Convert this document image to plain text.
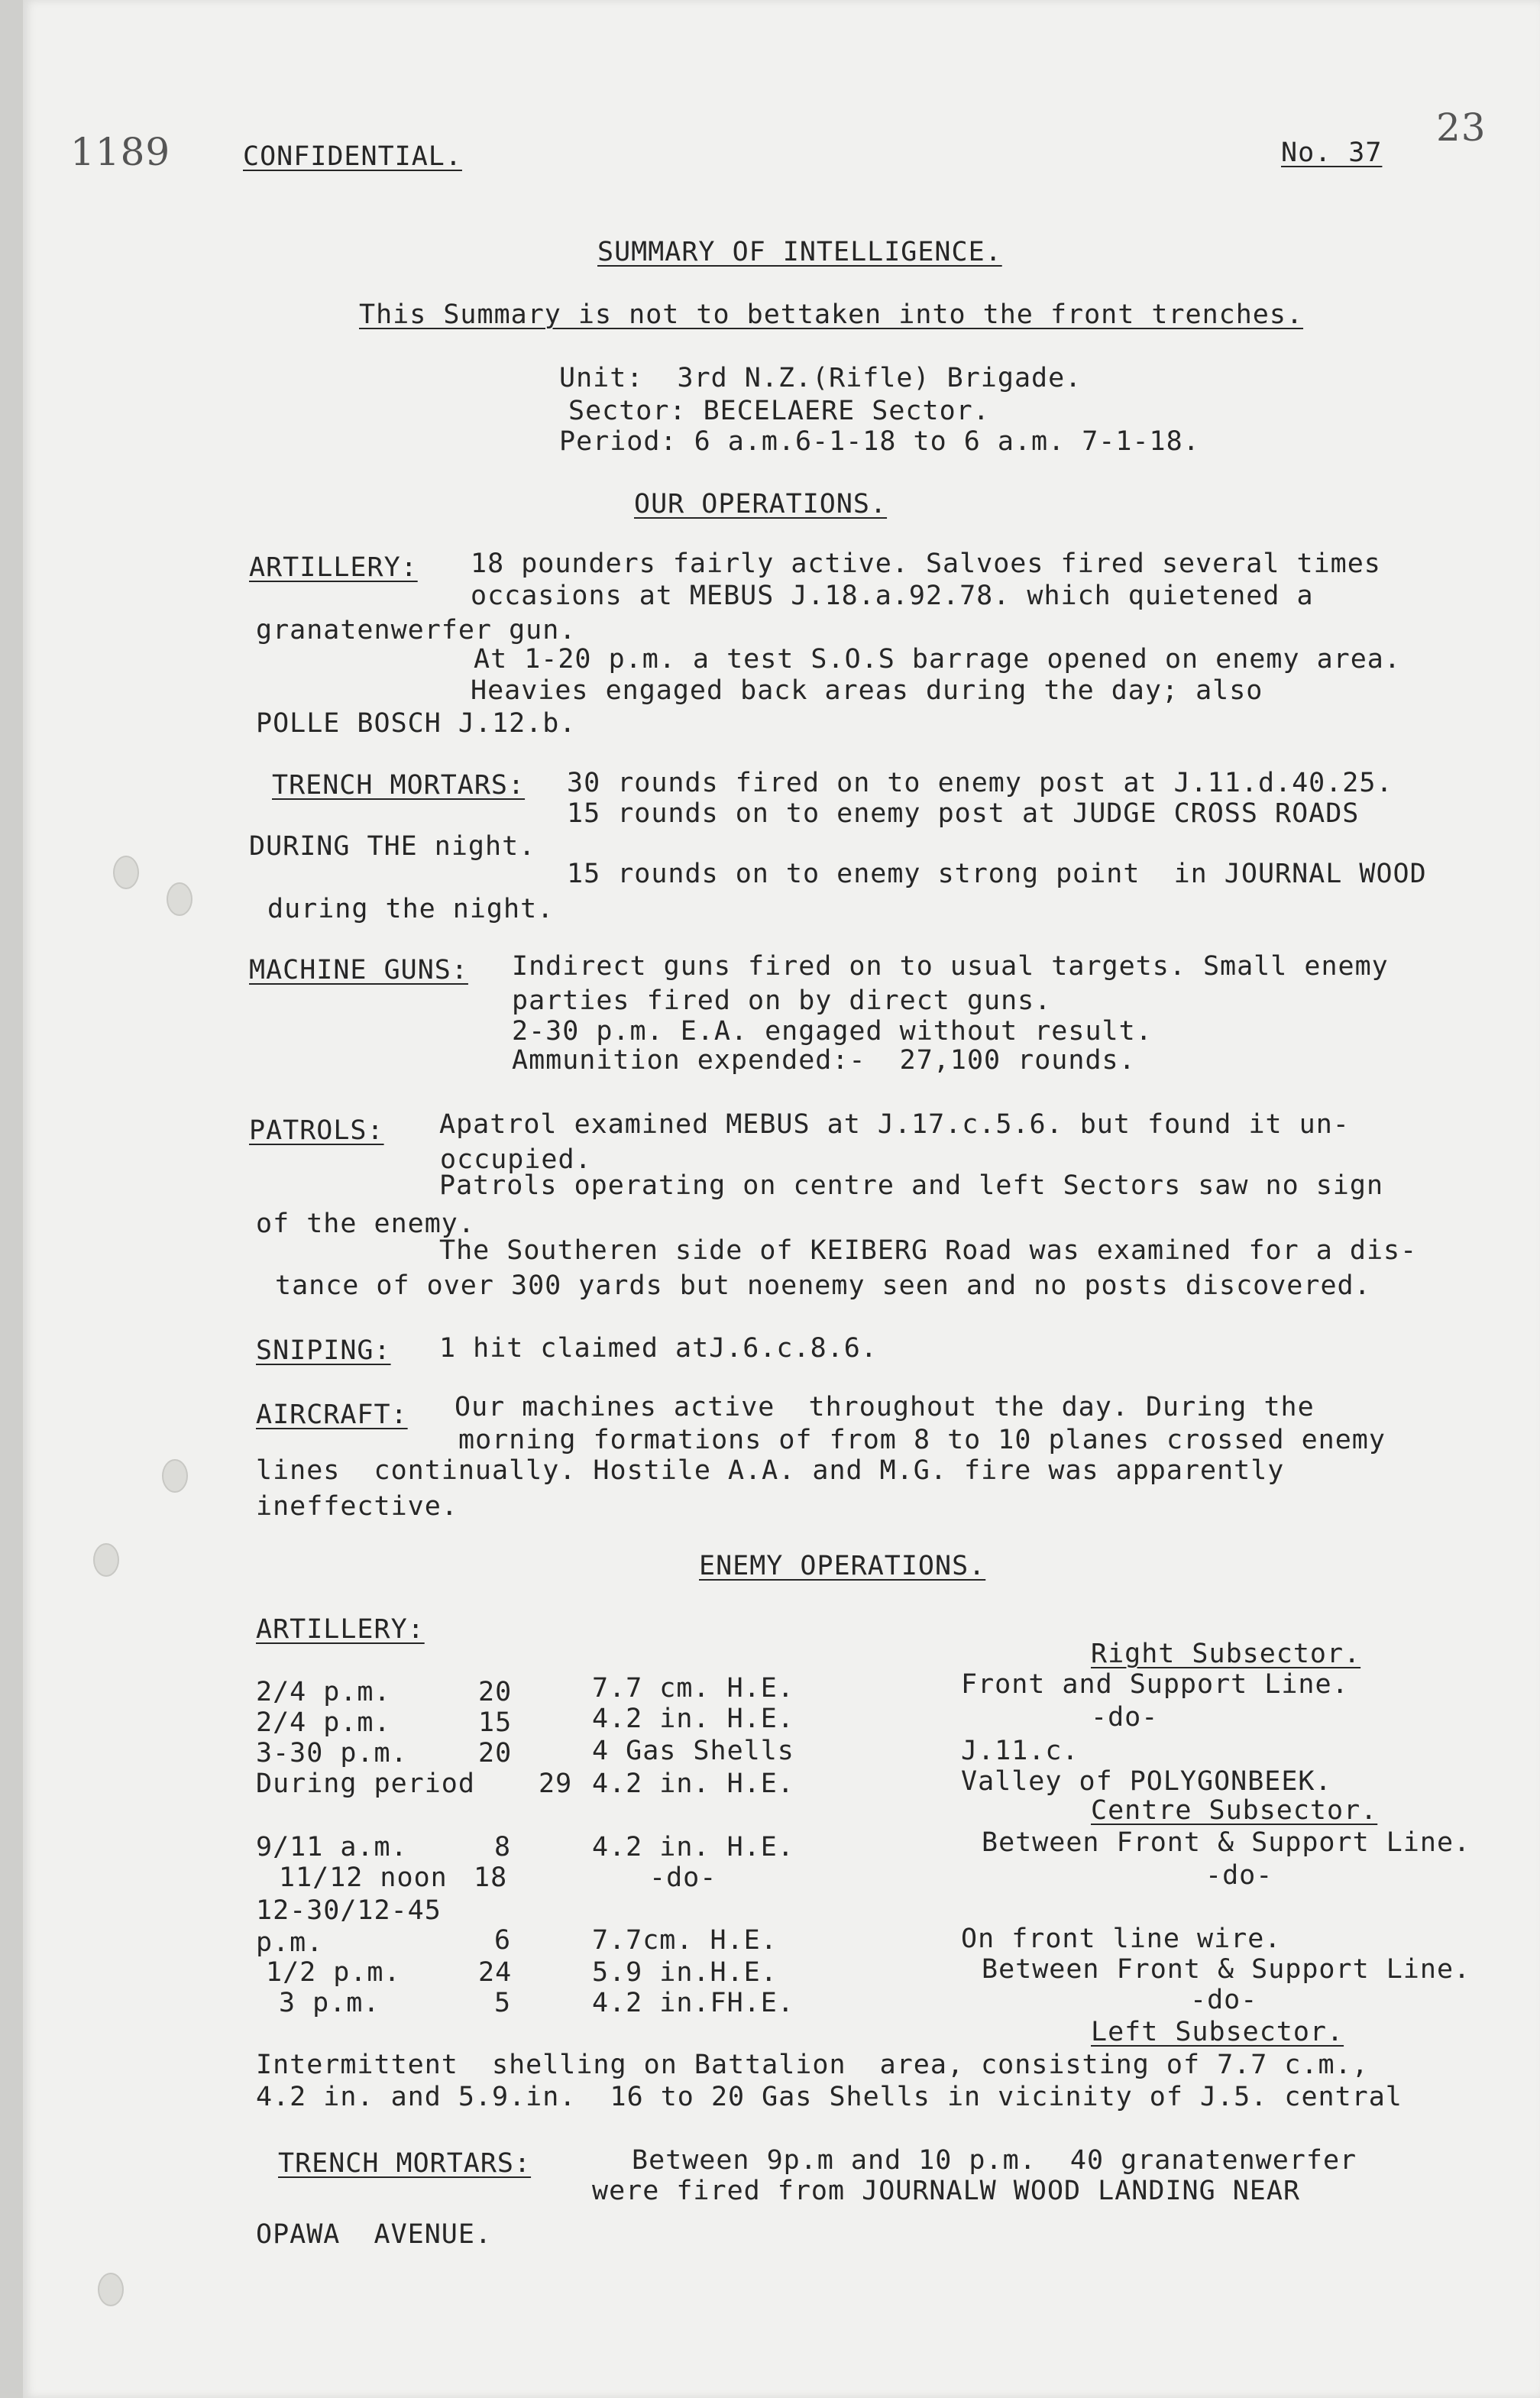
1189	CONFIDENTIAL.	No. 37
23
SUMMARY OF INTELLIGENCE.
This Summary is not to bettaken into the front trenches.
Unit:  3rd N.Z.(Rifle) Brigade.
Sector: BECELAERE Sector.
Period: 6 a.m.6-1-18 to 6 a.m. 7-1-18.
OUR OPERATIONS.
ARTILLERY: 18 pounders fairly active. Salvoes fired several times
occasions at MEBUS J.18.a.92.78. which quietened a
granatenwerfer gun.
At 1-20 p.m. a test S.O.S barrage opened on enemy area.
Heavies engaged back areas during the day; also
POLLE BOSCH J.12.b.
TRENCH MORTARS: 30 rounds fired on to enemy post at J.11.d.40.25.
15 rounds on to enemy post at JUDGE CROSS ROADS
DURING THE night.
15 rounds on to enemy strong point  in JOURNAL WOOD
during the night.
MACHINE GUNS: Indirect guns fired on to usual targets. Small enemy
parties fired on by direct guns.
2-30 p.m. E.A. engaged without result.
Ammunition expended:-  27,100 rounds.
PATROLS: Apatrol examined MEBUS at J.17.c.5.6. but found it un-
occupied.
Patrols operating on centre and left Sectors saw no sign
of the enemy.
The Southeren side of KEIBERG Road was examined for a dis-
tance of over 300 yards but noenemy seen and no posts discovered.
SNIPING: 1 hit claimed atJ.6.c.8.6.
AIRCRAFT: Our machines active  throughout the day. During the
morning formations of from 8 to 10 planes crossed enemy
lines  continually. Hostile A.A. and M.G. fire was apparently
ineffective.
ENEMY OPERATIONS.
ARTILLERY:
Right Subsector.
2/4 p.m.	20	7.7 cm. H.E.	Front and Support Line.
2/4 p.m.	15	4.2 in. H.E.	-do-
3-30 p.m.	20	4 Gas Shells	J.11.c.
During period 29 4.2 in. H.E.	Valley of POLYGONBEEK.
Centre Subsector.
9/11 a.m.	8	4.2 in. H.E.	Between Front & Support Line.
11/12 noon 18	-do-	-do-
12-30/12-45 p.m.	6	7.7cm. H.E.	On front line wire.
1/2 p.m.	24	5.9 in.H.E.	Between Front & Support Line.
3 p.m.	5	4.2 in.FH.E.	-do-
Left Subsector.
Intermittent  shelling on Battalion  area, consisting of 7.7 c.m.,
4.2 in. and 5.9.in.  16 to 20 Gas Shells in vicinity of J.5. central
TRENCH MORTARS:	Between 9p.m and 10 p.m.  40 granatenwerfer
were fired from JOURNALW WOOD LANDING NEAR
OPAWA  AVENUE.
